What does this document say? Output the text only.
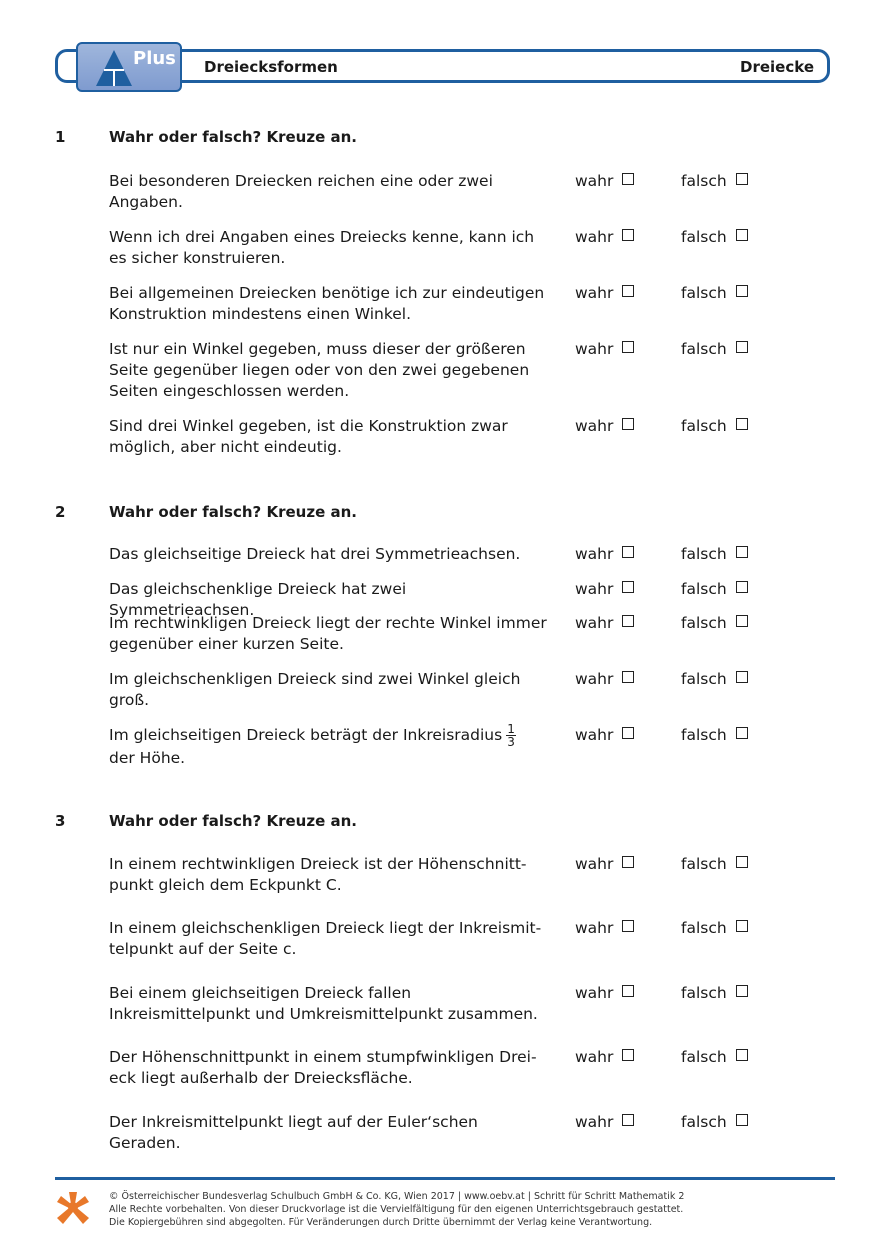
Plus Dreiecksformen	Dreiecke
1	Wahr oder falsch? Kreuze an.
Bei besonderen Dreiecken reichen eine oder zwei Angaben.
wahr	falsch
Wenn ich drei Angaben eines Dreiecks kenne, kann ich es sicher konstruieren.
wahr	falsch
Bei allgemeinen Dreiecken benötige ich zur eindeutigen Konstruktion mindestens einen Winkel.
wahr	falsch
Ist nur ein Winkel gegeben, muss dieser der größeren Seite gegenüber liegen oder von den zwei gegebenen Seiten eingeschlossen werden.
wahr	falsch
Sind drei Winkel gegeben, ist die Konstruktion zwar möglich, aber nicht eindeutig.
wahr	falsch
2	Wahr oder falsch? Kreuze an.
Das gleichseitige Dreieck hat drei Symmetrieachsen.	wahr	falsch
Das gleichschenklige Dreieck hat zwei Symmetrieachsen.
wahr	falsch
Im rechtwinkligen Dreieck liegt der rechte Winkel immer gegenüber einer kurzen Seite.
wahr	falsch
Im gleichschenkligen Dreieck sind zwei Winkel gleich groß.
wahr	falsch
Im gleichseitigen Dreieck beträgt der Inkreisradius $\frac{1}{3}$

der Höhe.
wahr	falsch
3	Wahr oder falsch? Kreuze an.
In einem rechtwinkligen Dreieck ist der Höhenschnitt-punkt gleich dem Eckpunkt C.
wahr	falsch
In einem gleichschenkligen Dreieck liegt der Inkreismit-telpunkt auf der Seite c.
wahr	falsch
Bei einem gleichseitigen Dreieck fallen Inkreismittelpunkt und Umkreismittelpunkt zusammen.
wahr	falsch
Der Höhenschnittpunkt in einem stumpfwinkligen Drei-eck liegt außerhalb der Dreiecksfläche.
wahr	falsch
Der Inkreismittelpunkt liegt auf der Euler‘schen Geraden.
wahr	falsch
© Österreichischer Bundesverlag Schulbuch GmbH & Co. KG, Wien 2017 | www.oebv.at | Schritt für Schritt Mathematik 2
Alle Rechte vorbehalten. Von dieser Druckvorlage ist die Vervielfältigung für den eigenen Unterrichtsgebrauch gestattet.
Die Kopiergebühren sind abgegolten. Für Veränderungen durch Dritte übernimmt der Verlag keine Verantwortung.
